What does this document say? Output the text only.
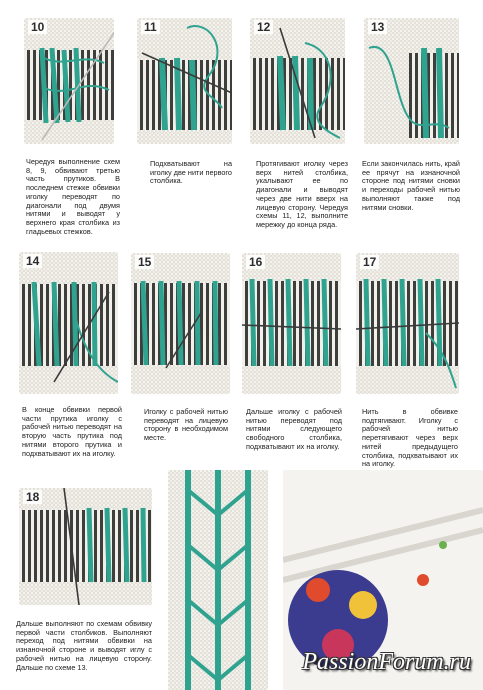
10	11	12	13

Чередуя выполнение схем 8, 9, обвивают третью часть прутиков. В последнем стежке обвивки иголку переводят по диагонали под двумя нитями и выводят у верхнего края столбика из гладьевых стежков.

Подхватывают на иголку две нити первого столбика.

Протягивают иголку через верх нитей столбика, укалывают ее по диагонали и выводят через две нити вверх на лицевую сторону. Чередуя схемы 11, 12, выполните мережку до конца ряда.

Если закончилась нить, край ее прячут на изнаночной стороне под нитями сновки и переходы рабочей нитью выполняют также под нитями сновки.

14	15	16	17

В конце обвивки первой части прутика иголку с рабочей нитью переводят на вторую часть прутика под нитями второго прутика и подхватывают их на иголку.

Иголку с рабочей нитью переводят на лицевую сторону в необходимом месте.

Дальше иголку с рабочей нитью переводят под нитями следующего свободного столбика, подхватывают их на иголку.

Нить в обвивке подтягивают. Иголку с рабочей нитью перетягивают через верх нитей предыдущего столбика, подхватывают их на иголку.

18

Дальше выполняют по схемам обвивку первой части столбиков. Выполняют переход под нитями обвивки на изнаночной стороне и выводят иглу с рабочей нитью на лицевую сторону. Дальше по схеме 13.	PassionForum.ru
